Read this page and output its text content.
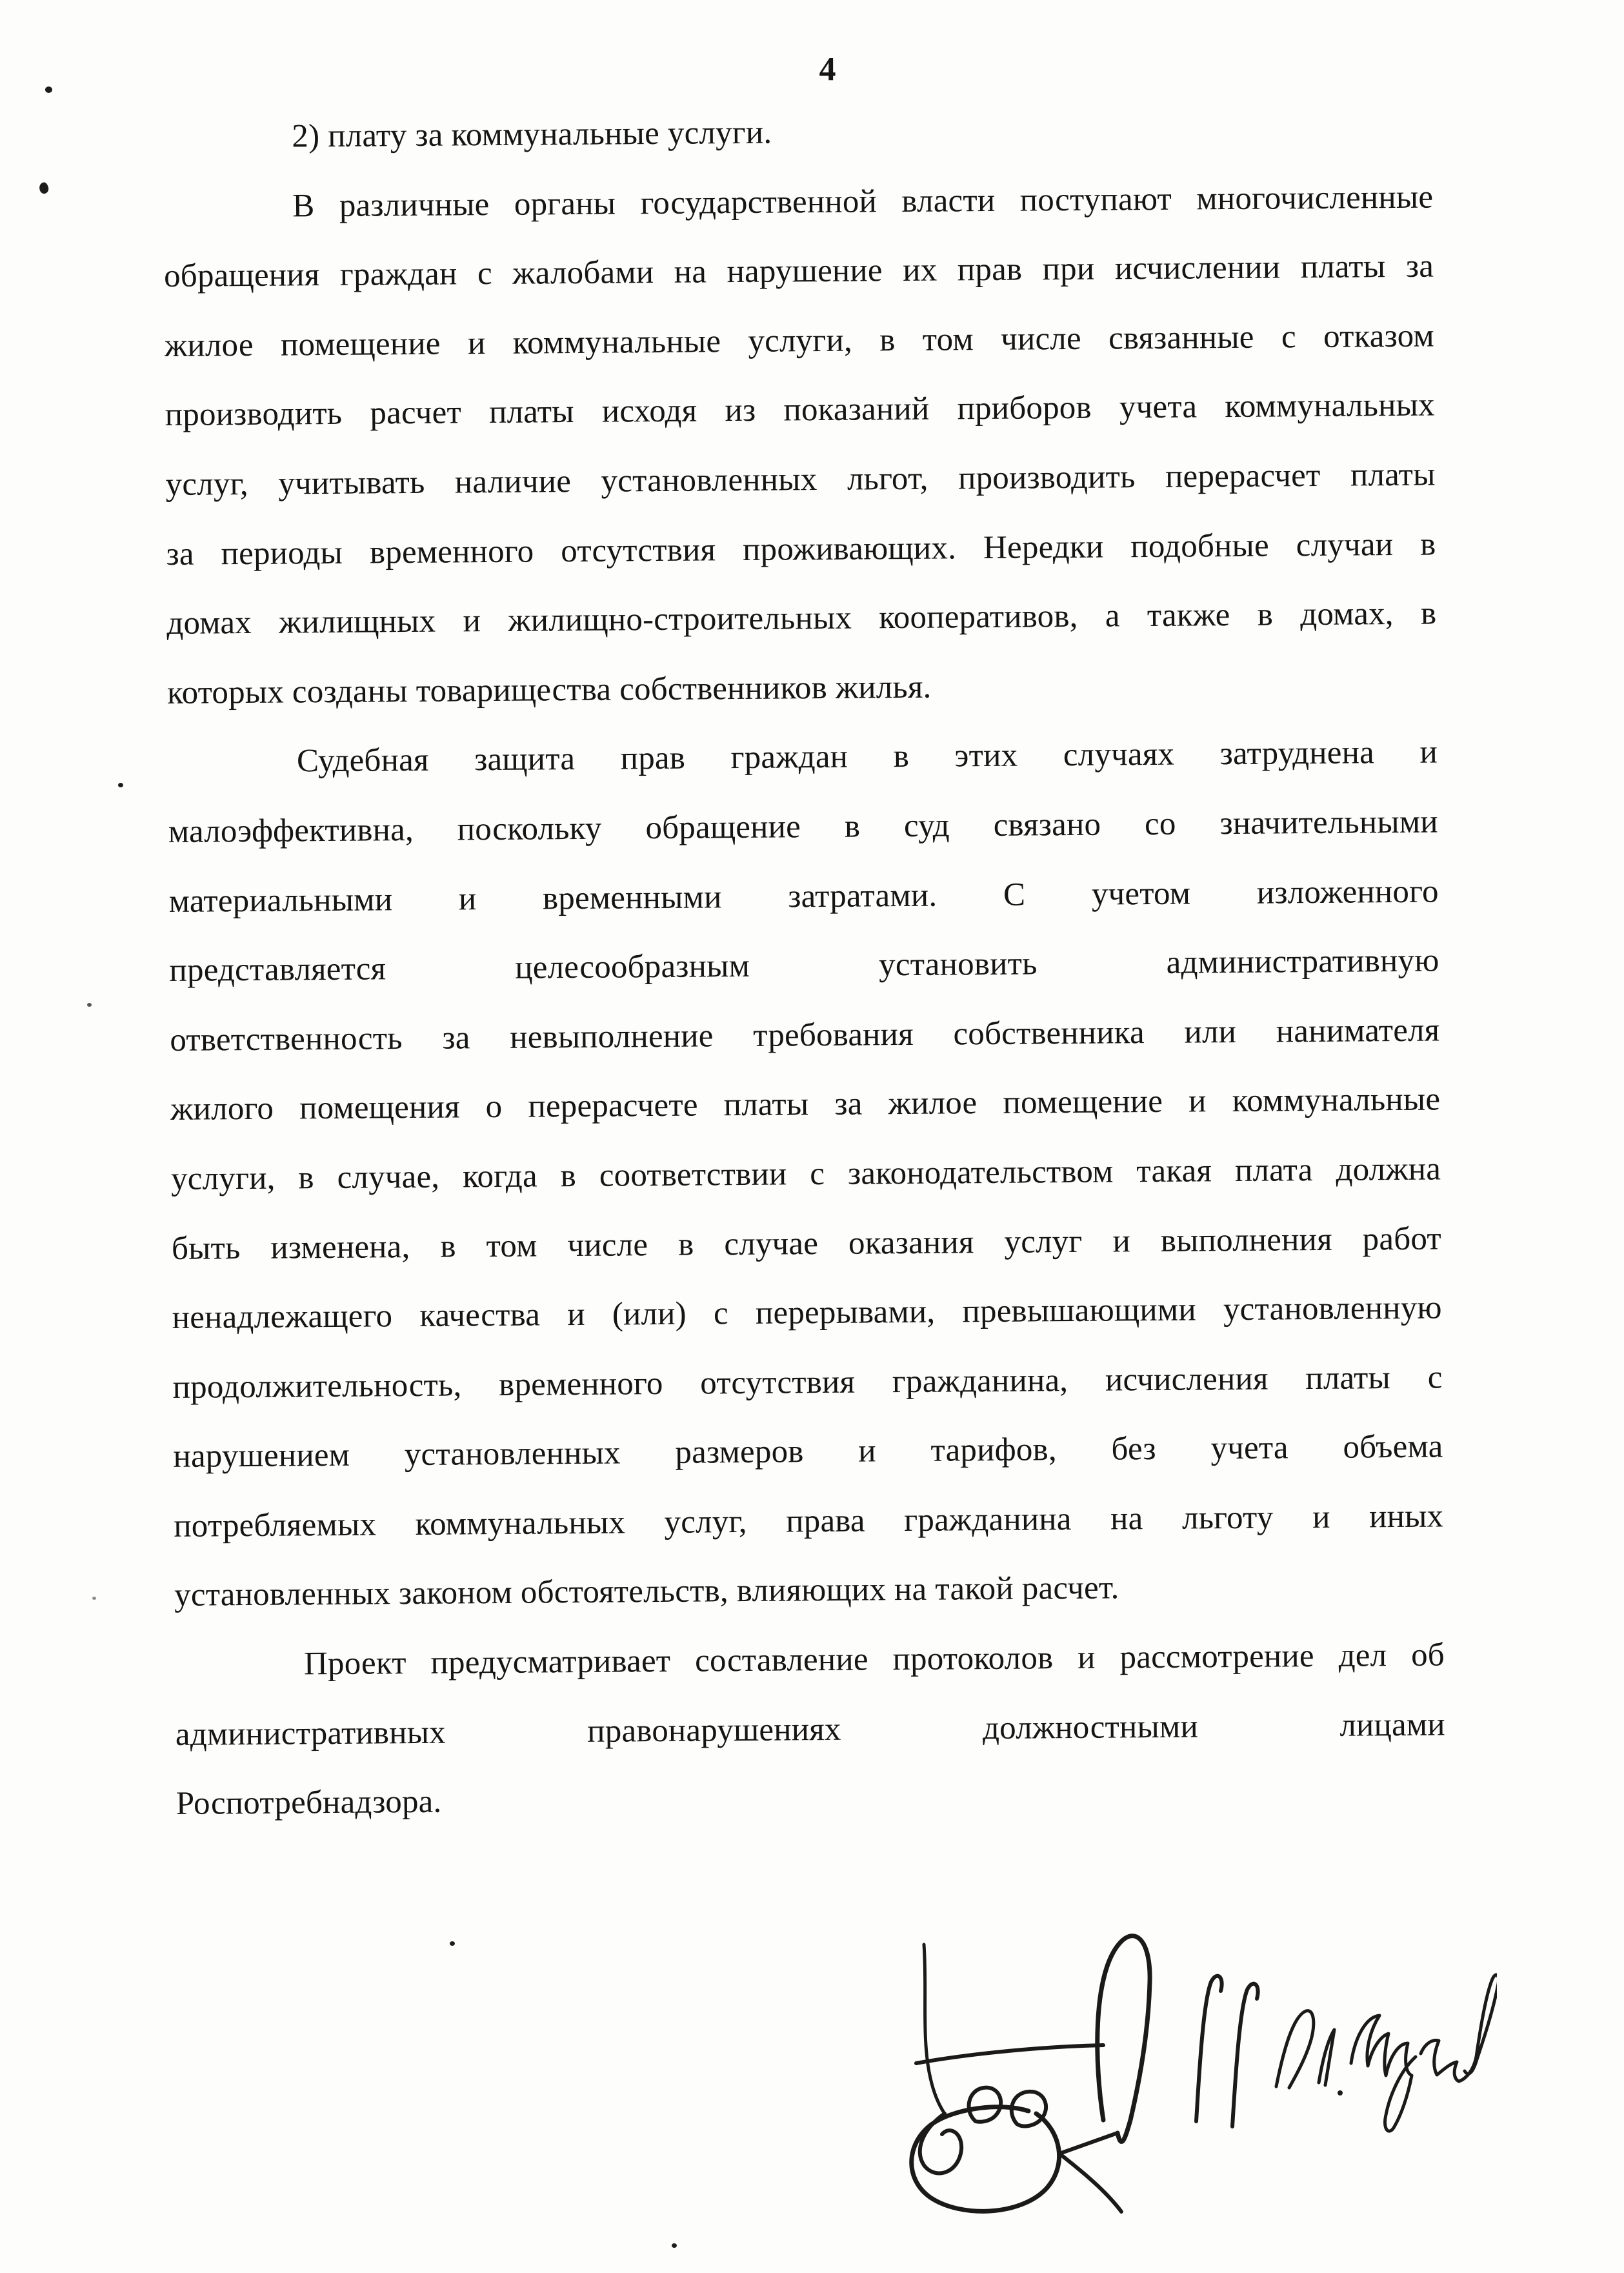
4
2) плату за коммунальные услуги.
В различные органы государственной власти поступают многочисленные
обращения граждан с жалобами на нарушение их прав при исчислении платы за
жилое помещение и коммунальные услуги, в том числе связанные с отказом
производить расчет платы исходя из показаний приборов учета коммунальных
услуг, учитывать наличие установленных льгот, производить перерасчет платы
за периоды временного отсутствия проживающих. Нередки подобные случаи в
домах жилищных и жилищно-строительных кооперативов, а также в домах, в
которых созданы товарищества собственников жилья.
Судебная защита прав граждан в этих случаях затруднена и
малоэффективна, поскольку обращение в суд связано со значительными
материальными и временными затратами. С учетом изложенного
представляется целесообразным установить административную
ответственность за невыполнение требования собственника или нанимателя
жилого помещения о перерасчете платы за жилое помещение и коммунальные
услуги, в случае, когда в соответствии с законодательством такая плата должна
быть изменена, в том числе в случае оказания услуг и выполнения работ
ненадлежащего качества и (или) с перерывами, превышающими установленную
продолжительность, временного отсутствия гражданина, исчисления платы с
нарушением установленных размеров и тарифов, без учета объема
потребляемых коммунальных услуг, права гражданина на льготу и иных
установленных законом обстоятельств, влияющих на такой расчет.
Проект предусматривает составление протоколов и рассмотрение дел об
административных правонарушениях должностными лицами
Роспотребнадзора.
